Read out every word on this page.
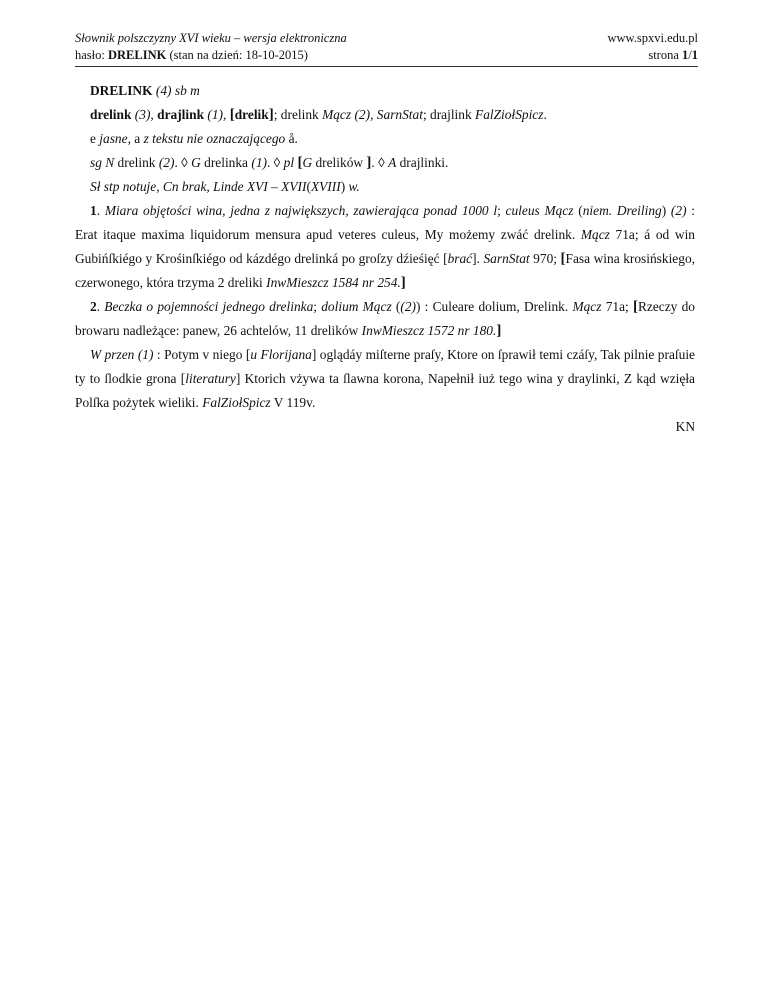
Słownik polszczyzny XVI wieku – wersja elektroniczna
hasło: DRELINK (stan na dzień: 18-10-2015)
www.spxvi.edu.pl
strona 1/1

DRELINK (4) sb m

drelink (3), drajlink (1), [drelik]; drelink Mącz (2), SarnStat; drajlink FalZiołSpicz.

e jasne, a z tekstu nie oznaczającego å.

sg N drelink (2). ◊ G drelinka (1). ◊ pl [G drelików ]. ◊ A drajlinki.

Sł stp notuje, Cn brak, Linde XVI – XVII(XVIII) w.

1. Miara objętości wina, jedna z największych, zawierająca ponad 1000 l; culeus Mącz (niem. Dreiling) (2) : Erat itaque maxima liquidorum mensura apud veteres culeus, My możemy zwáć drelink. Mącz 71a; á od win Gubińſkiégo y Krośinſkiégo od kázdégo drelinká po groſzy dźieśięć [brać]. SarnStat 970; [Fasa wina krosińskiego, czerwonego, która trzyma 2 dreliki InwMieszcz 1584 nr 254.]

2. Beczka o pojemności jednego drelinka; dolium Mącz ((2)) : Culeare dolium, Drelink. Mącz 71a; [Rzeczy do browaru nadleżące: panew, 26 achtelów, 11 drelików InwMieszcz 1572 nr 180.]

W przen (1) : Potym v niego [u Florijana] oglądáy miſterne praſy, Ktore on ſprawił temi czáſy, Tak pilnie praſuie ty to ſlodkie grona [literatury] Ktorich vżywa ta ſlawna korona, Napełnił iuż tego wina y draylinki, Z kąd wzięła Polſka pożytek wieliki. FalZiołSpicz V 119v.

KN
